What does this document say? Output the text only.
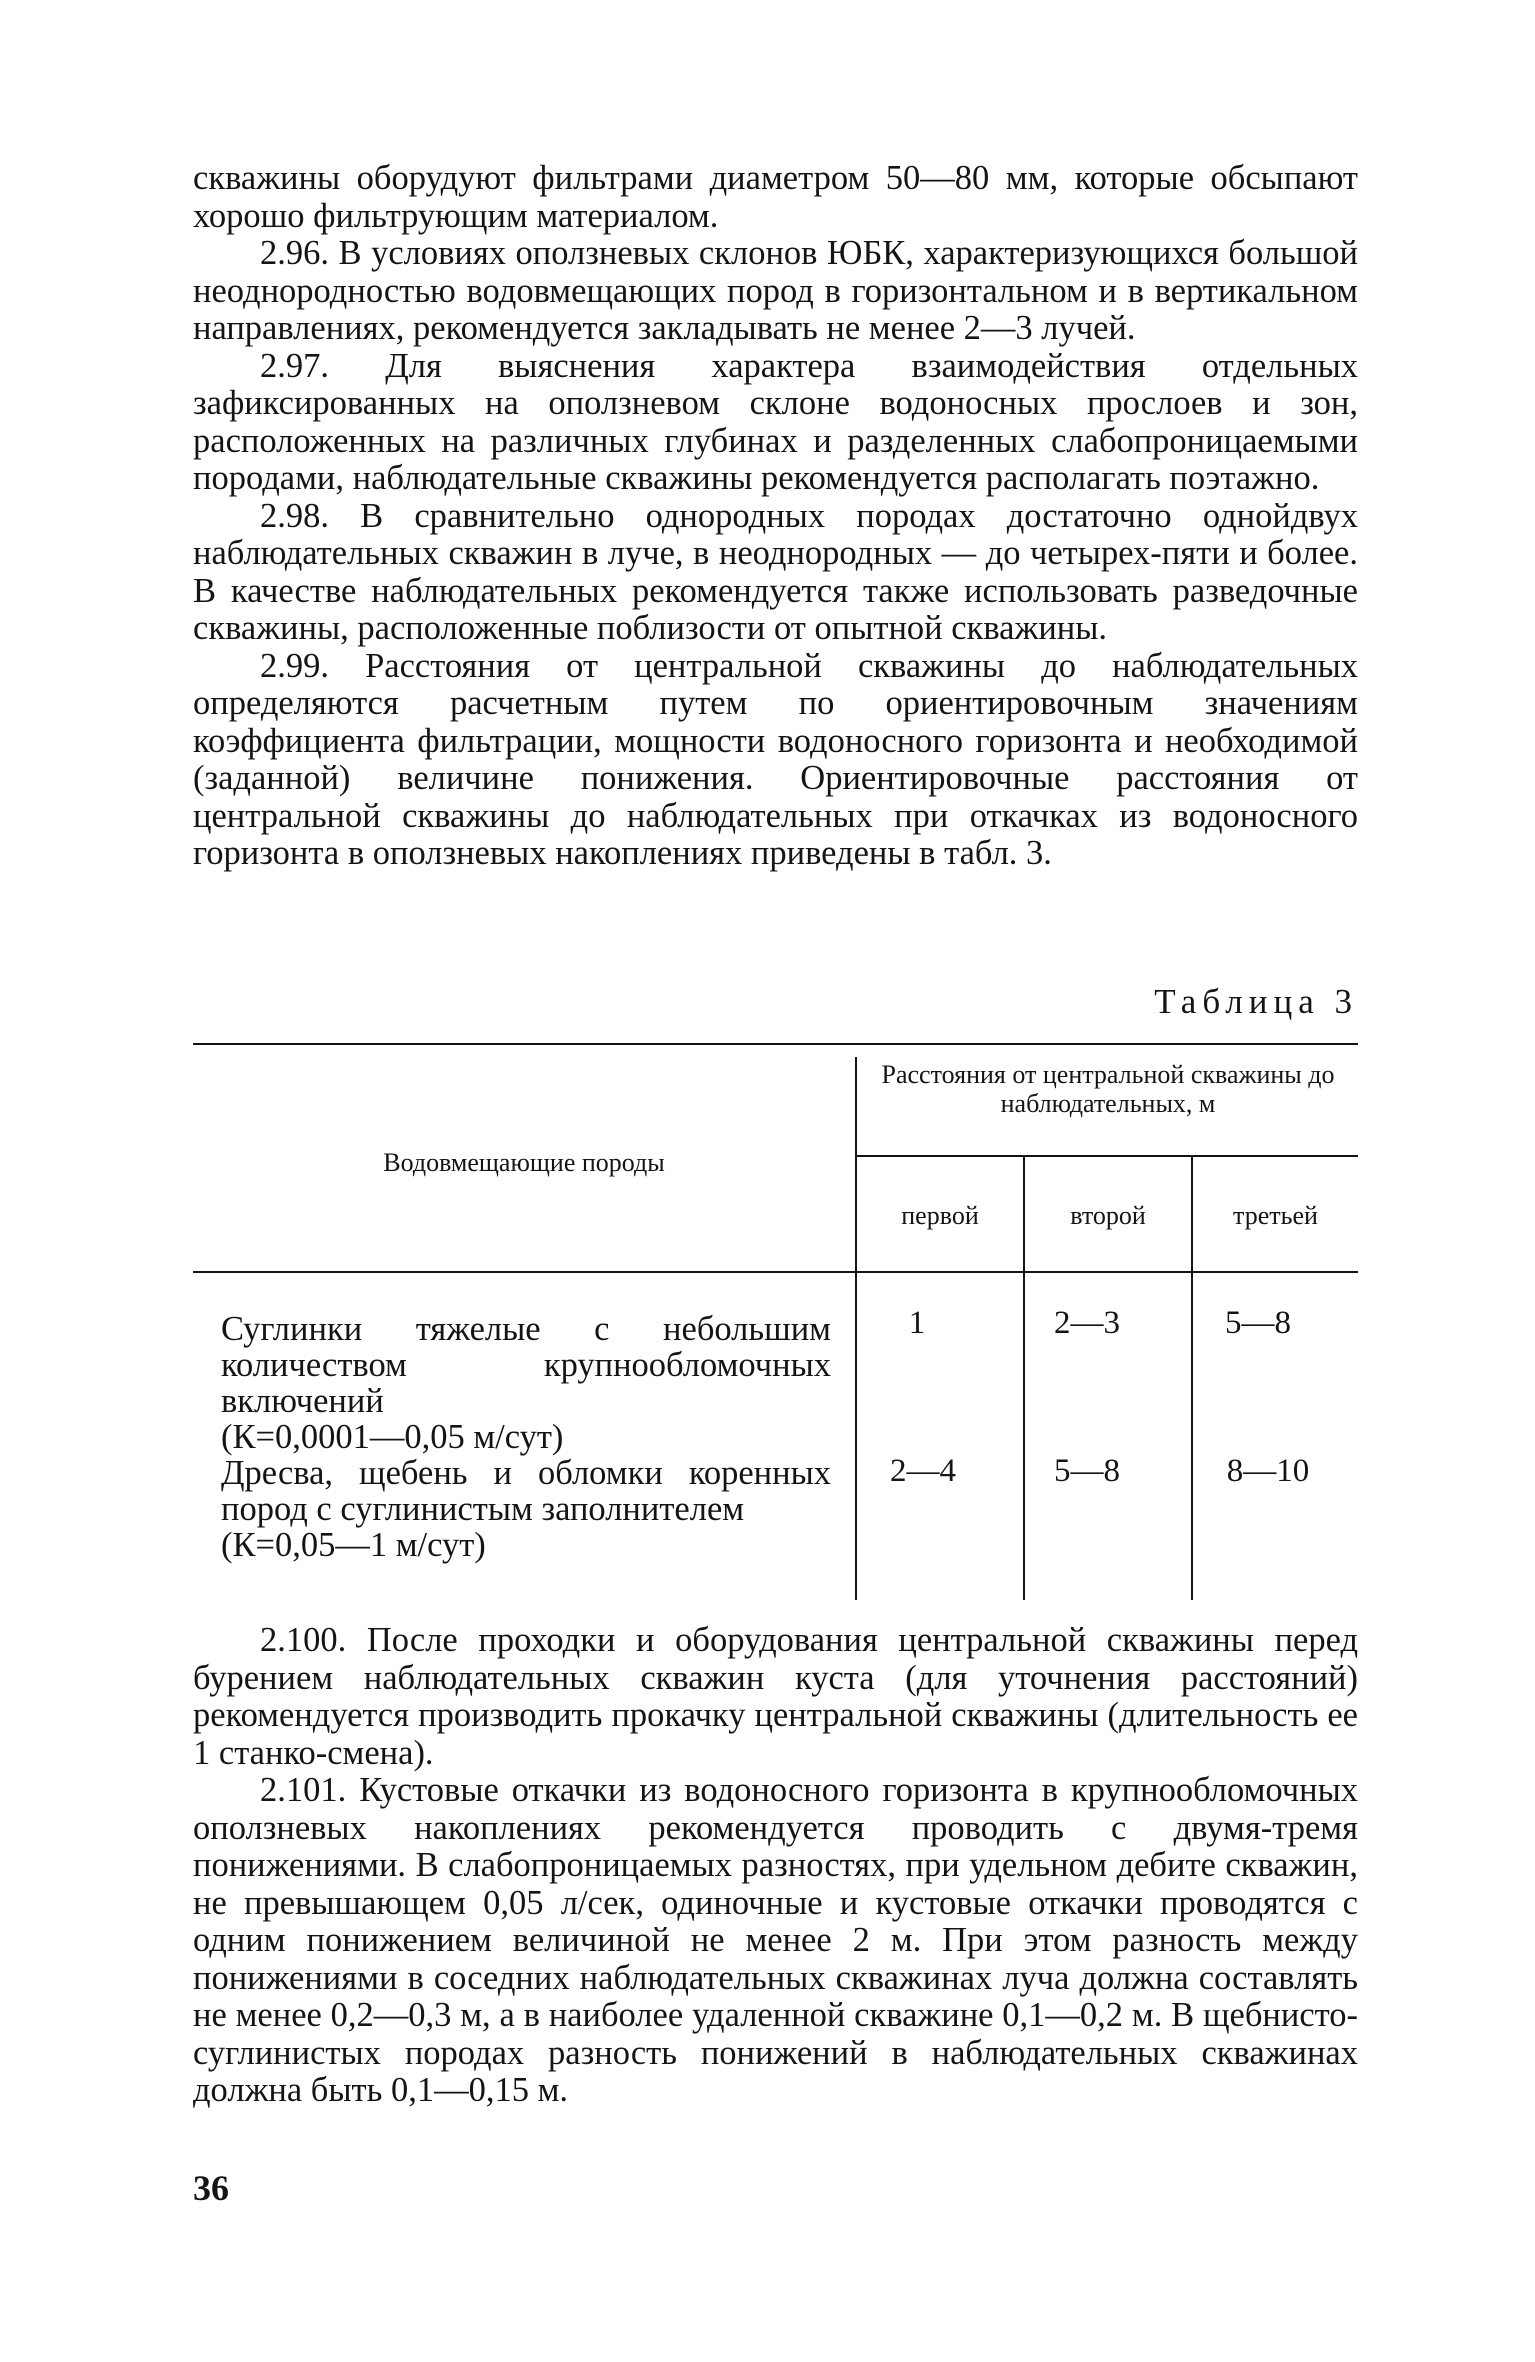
скважины оборудуют фильтрами диаметром 50—80 мм, которые обсыпают хорошо фильтрующим материалом.

2.96. В условиях оползневых склонов ЮБК, характеризующихся большой неоднородностью водовмещающих пород в горизонтальном и в вертикальном направлениях, рекомендуется закладывать не менее 2—3 лучей.

2.97. Для выяснения характера взаимодействия отдельных зафиксированных на оползневом склоне водоносных прослоев и зон, расположенных на различных глубинах и разделенных слабопроницаемыми породами, наблюдательные скважины рекомендуется располагать поэтажно.

2.98. В сравнительно однородных породах достаточно однойдвух наблюдательных скважин в луче, в неоднородных — до четырех-пяти и более. В качестве наблюдательных рекомендуется также использовать разведочные скважины, расположенные поблизости от опытной скважины.

2.99. Расстояния от центральной скважины до наблюдательных определяются расчетным путем по ориентировочным значениям коэффициента фильтрации, мощности водоносного горизонта и необходимой (заданной) величине понижения. Ориентировочные расстояния от центральной скважины до наблюдательных при откачках из водоносного горизонта в оползневых накоплениях приведены в табл. 3.

Таблица 3
Водовмещающие породы
Расстояния от центральной скважины до наблюдательных, м
первой	второй	третьей
Суглинки тяжелые с небольшим количеством крупнообломочных включений
(К=0,0001—0,05 м/сут)
1	2—3	5—8
Дресва, щебень и обломки коренных пород с суглинистым заполнителем
(К=0,05—1 м/сут)
2—4	5—8	8—10

2.100. После проходки и оборудования центральной скважины перед бурением наблюдательных скважин куста (для уточнения расстояний) рекомендуется производить прокачку центральной скважины (длительность ее 1 станко-смена).

2.101. Кустовые откачки из водоносного горизонта в крупнообломочных оползневых накоплениях рекомендуется проводить с двумя-тремя понижениями. В слабопроницаемых разностях, при удельном дебите скважин, не превышающем 0,05 л/сек, одиночные и кустовые откачки проводятся с одним понижением величиной не менее 2 м. При этом разность между понижениями в соседних наблюдательных скважинах луча должна составлять не менее 0,2—0,3 м, а в наиболее удаленной скважине 0,1—0,2 м. В щебнисто-суглинистых породах разность понижений в наблюдательных скважинах должна быть 0,1—0,15 м.

36
